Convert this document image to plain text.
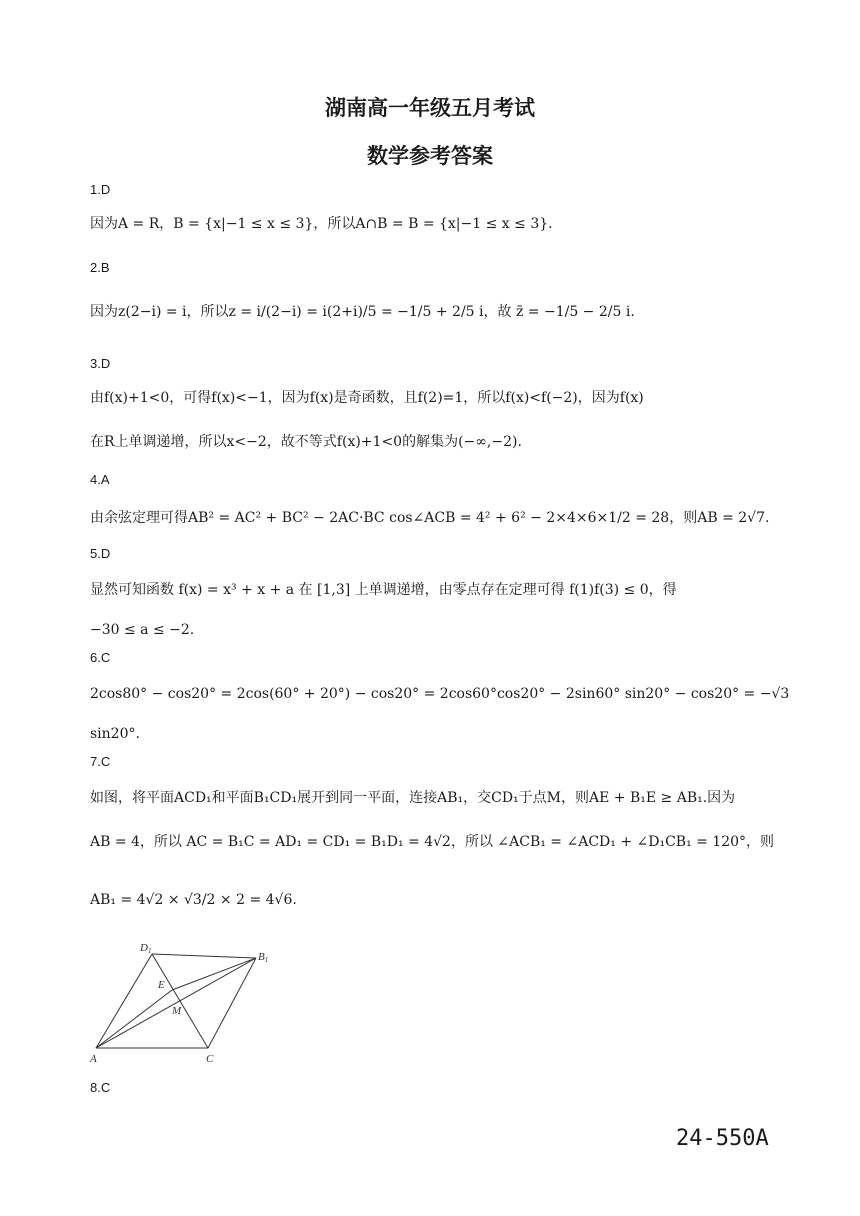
湖南高一年级五月考试
数学参考答案
1.D
因为A = R，B = {x|−1 ≤ x ≤ 3}，所以A∩B = B = {x|−1 ≤ x ≤ 3}.
2.B
因为z(2−i) = i，所以z = i/(2−i) = i(2+i)/5 = −1/5 + 2/5 i，故 z̄ = −1/5 − 2/5 i.
3.D
由f(x)+1<0，可得f(x)<−1，因为f(x)是奇函数，且f(2)=1，所以f(x)<f(−2)，因为f(x)
在R上单调递增，所以x<−2，故不等式f(x)+1<0的解集为(−∞,−2).
4.A
由余弦定理可得AB² = AC² + BC² − 2AC·BC cos∠ACB = 4² + 6² − 2×4×6×1/2 = 28，则AB = 2√7.
5.D
显然可知函数 f(x) = x³ + x + a 在 [1,3] 上单调递增，由零点存在定理可得 f(1)f(3) ≤ 0，得
−30 ≤ a ≤ −2.
6.C
2cos80° − cos20° = 2cos(60° + 20°) − cos20° = 2cos60°cos20° − 2sin60° sin20° − cos20° = −√3
sin20°.
7.C
如图，将平面ACD₁和平面B₁CD₁展开到同一平面，连接AB₁，交CD₁于点M，则AE + B₁E ≥ AB₁.因为
AB = 4，所以 AC = B₁C = AD₁ = CD₁ = B₁D₁ = 4√2，所以 ∠ACB₁ = ∠ACD₁ + ∠D₁CB₁ = 120°，则
AB₁ = 4√2 × √3/2 × 2 = 4√6.
D1	B1
E
M
A	C
8.C
24-550A
